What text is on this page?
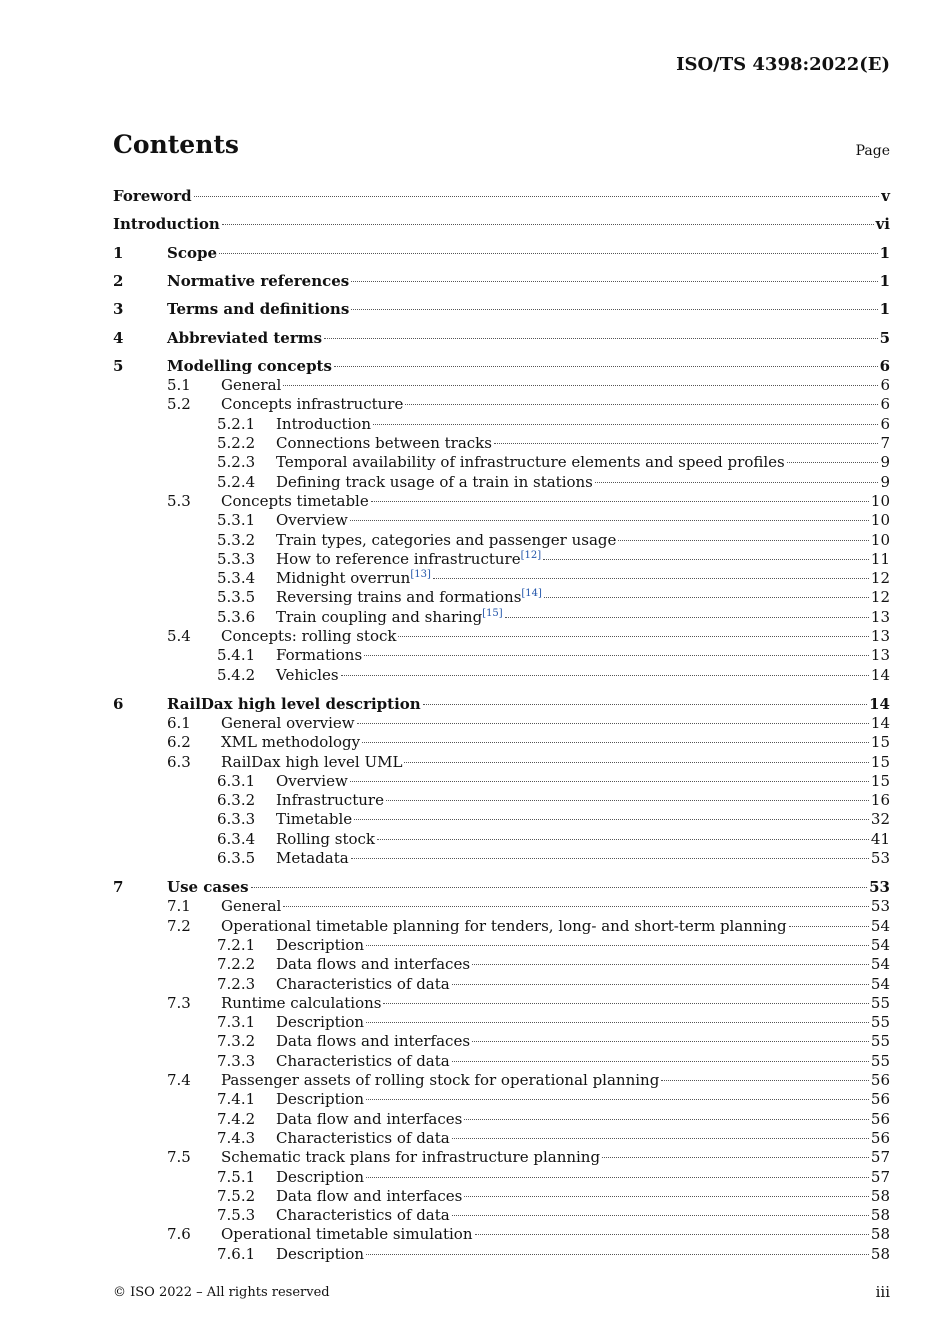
ISO/TS 4398:2022(E)
Contents	Page
Foreword	v
Introduction	vi
1	Scope	1
2	Normative references	1
3	Terms and definitions	1
4	Abbreviated terms	5
5	Modelling concepts	6
5.1 General	6
5.2 Concepts infrastructure	6
5.2.1 Introduction	6
5.2.2 Connections between tracks	7
5.2.3 Temporal availability of infrastructure elements and speed profiles	9
5.2.4 Defining track usage of a train in stations	9
5.3 Concepts timetable	10
5.3.1 Overview	10
5.3.2 Train types, categories and passenger usage	10
5.3.3 How to reference infrastructure[12]	11
5.3.4 Midnight overrun[13]	12
5.3.5 Reversing trains and formations[14]	12
5.3.6 Train coupling and sharing[15]	13
5.4 Concepts: rolling stock	13
5.4.1 Formations	13
5.4.2 Vehicles	14
6	RailDax high level description	14
6.1 General overview	14
6.2 XML methodology	15
6.3 RailDax high level UML	15
6.3.1 Overview	15
6.3.2 Infrastructure	16
6.3.3 Timetable	32
6.3.4 Rolling stock	41
6.3.5 Metadata	53
7	Use cases	53
7.1 General	53
7.2 Operational timetable planning for tenders, long- and short-term planning	54
7.2.1 Description	54
7.2.2 Data flows and interfaces	54
7.2.3 Characteristics of data	54
7.3 Runtime calculations	55
7.3.1 Description	55
7.3.2 Data flows and interfaces	55
7.3.3 Characteristics of data	55
7.4 Passenger assets of rolling stock for operational planning	56
7.4.1 Description	56
7.4.2 Data flow and interfaces	56
7.4.3 Characteristics of data	56
7.5 Schematic track plans for infrastructure planning	57
7.5.1 Description	57
7.5.2 Data flow and interfaces	58
7.5.3 Characteristics of data	58
7.6 Operational timetable simulation	58
7.6.1 Description	58
© ISO 2022 – All rights reserved	iii
